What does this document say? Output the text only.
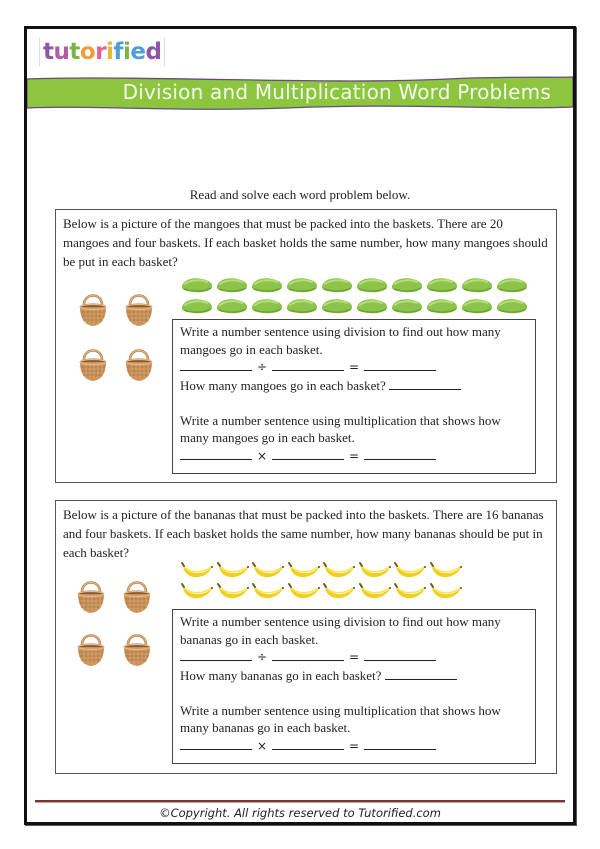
tutorified
Division and Multiplication Word Problems
Read and solve each word problem below.
Below is a picture of the mangoes that must be packed into the baskets. There are 20 mangoes and four baskets. If each basket holds the same number, how many mangoes should be put in each basket?
Write a number sentence using division to find out how many mangoes go in each basket.
÷	=
How many mangoes go in each basket?
Write a number sentence using multiplication that shows how many mangoes go in each basket.
×	=
Below is a picture of the bananas that must be packed into the baskets. There are 16 bananas and four baskets. If each basket holds the same number, how many bananas should be put in each basket?
Write a number sentence using division to find out how many bananas go in each basket.
÷	=
How many bananas go in each basket?
Write a number sentence using multiplication that shows how many bananas go in each basket.
×	=
©Copyright. All rights reserved to Tutorified.com
